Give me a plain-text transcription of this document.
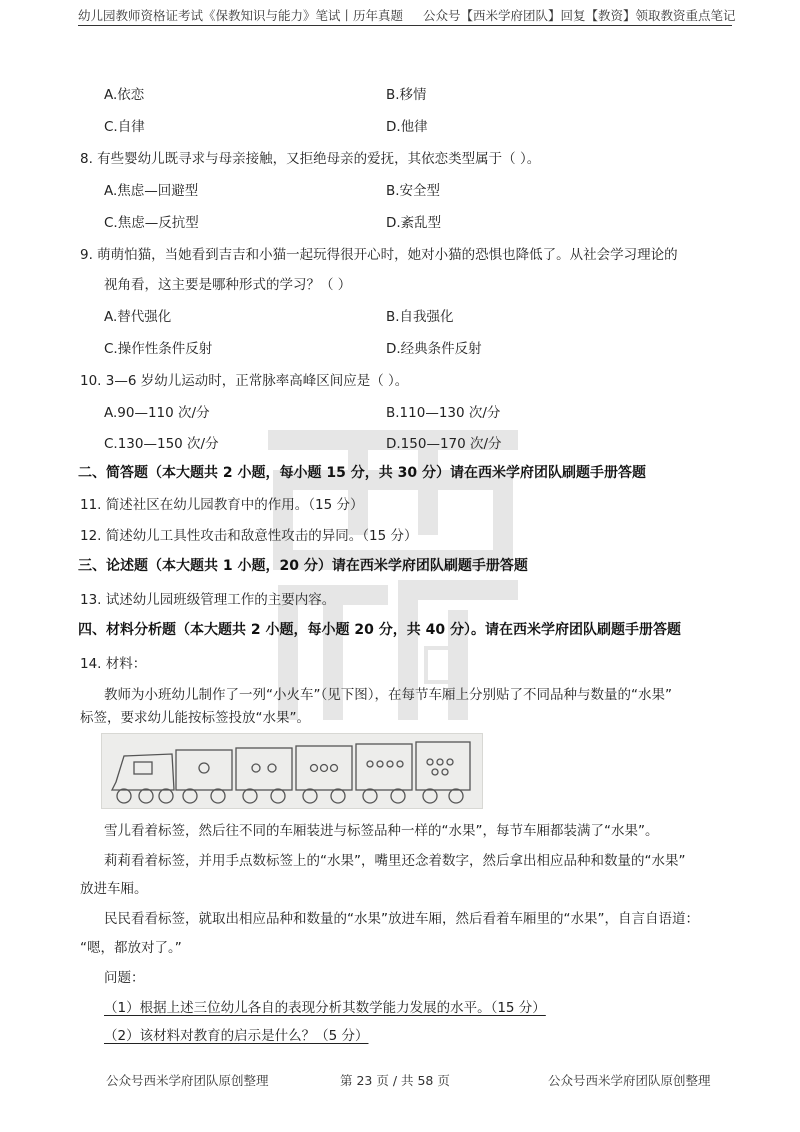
幼儿园教师资格证考试《保教知识与能力》笔试丨历年真题 公众号【西米学府团队】回复【教资】领取教资重点笔记
A.依恋	B.移情
C.自律	D.他律
8. 有些婴幼儿既寻求与母亲接触，又拒绝母亲的爱抚，其依恋类型属于（ ）。
A.焦虑—回避型	B.安全型
C.焦虑—反抗型	D.紊乱型
9. 萌萌怕猫，当她看到吉吉和小猫一起玩得很开心时，她对小猫的恐惧也降低了。从社会学习理论的
视角看，这主要是哪种形式的学习？（ ）
A.替代强化	B.自我强化
C.操作性条件反射	D.经典条件反射
10. 3—6 岁幼儿运动时，正常脉率高峰区间应是（ ）。
A.90—110 次/分	B.110—130 次/分
C.130—150 次/分	D.150—170 次/分
二、简答题（本大题共 2 小题，每小题 15 分，共 30 分）请在西米学府团队刷题手册答题
11. 简述社区在幼儿园教育中的作用。（15 分）
12. 简述幼儿工具性攻击和敌意性攻击的异同。（15 分）
三、论述题（本大题共 1 小题，20 分）请在西米学府团队刷题手册答题
13. 试述幼儿园班级管理工作的主要内容。
四、材料分析题（本大题共 2 小题，每小题 20 分，共 40 分）。请在西米学府团队刷题手册答题
14. 材料：
教师为小班幼儿制作了一列“小火车”（见下图），在每节车厢上分别贴了不同品种与数量的“水果”
标签，要求幼儿能按标签投放“水果”。
雪儿看着标签，然后往不同的车厢装进与标签品种一样的“水果”，每节车厢都装满了“水果”。
莉莉看着标签，并用手点数标签上的“水果”，嘴里还念着数字，然后拿出相应品种和数量的“水果”
放进车厢。
民民看看标签，就取出相应品种和数量的“水果”放进车厢，然后看着车厢里的“水果”，自言自语道：
“嗯，都放对了。”
问题：
（1）根据上述三位幼儿各自的表现分析其数学能力发展的水平。（15 分）
（2）该材料对教育的启示是什么？（5 分）
公众号西米学府团队原创整理	第 23 页 / 共 58 页	公众号西米学府团队原创整理
